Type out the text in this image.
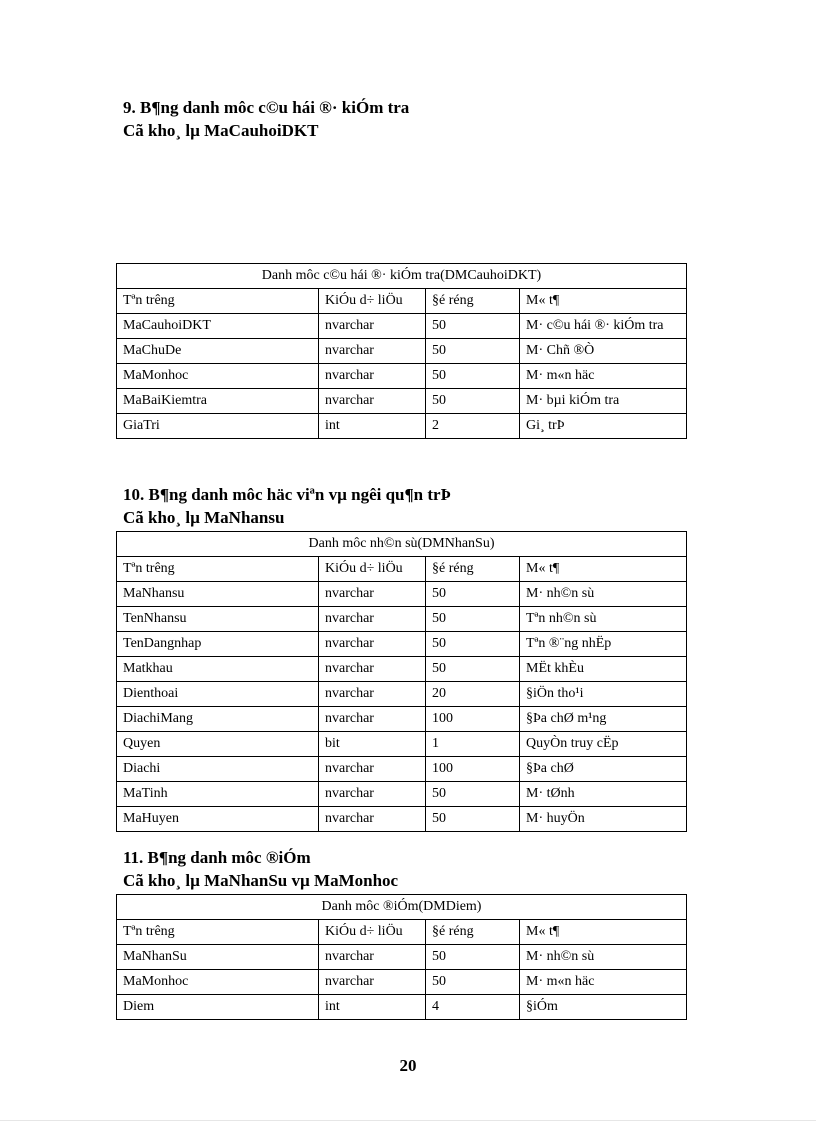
9. B¶ng danh môc c©u hái ®· kiÓm tra
Cã kho¸ lµ MaCauhoiDKT
Danh môc c©u hái ®· kiÓm tra(DMCauhoiDKT)			
Tªn trêng	KiÓu d÷ liÖu	§é réng	M« t¶
MaCauhoiDKT	nvarchar	50	M· c©u hái ®· kiÓm tra
MaChuDe	nvarchar	50	M· Chñ ®Ò
MaMonhoc	nvarchar	50	M· m«n häc
MaBaiKiemtra	nvarchar	50	M· bµi kiÓm tra
GiaTri	int	2	Gi¸ trÞ
10. B¶ng danh môc häc viªn vµ ngêi qu¶n trÞ
Cã kho¸ lµ MaNhansu
Danh môc nh©n sù(DMNhanSu)			
Tªn trêng	KiÓu d÷ liÖu	§é réng	M« t¶
MaNhansu	nvarchar	50	M· nh©n sù
TenNhansu	nvarchar	50	Tªn nh©n sù
TenDangnhap	nvarchar	50	Tªn ®¨ng nhËp
Matkhau	nvarchar	50	MËt khÈu
Dienthoai	nvarchar	20	§iÖn tho¹i
DiachiMang	nvarchar	100	§Þa chØ m¹ng
Quyen	bit	1	QuyÒn truy cËp
Diachi	nvarchar	100	§Þa chØ
MaTinh	nvarchar	50	M· tØnh
MaHuyen	nvarchar	50	M· huyÖn
11. B¶ng danh môc ®iÓm
Cã kho¸ lµ MaNhanSu vµ MaMonhoc
Danh môc ®iÓm(DMDiem)			
Tªn trêng	KiÓu d÷ liÖu	§é réng	M« t¶
MaNhanSu	nvarchar	50	M· nh©n sù
MaMonhoc	nvarchar	50	M· m«n häc
Diem	int	4	§iÓm
20
